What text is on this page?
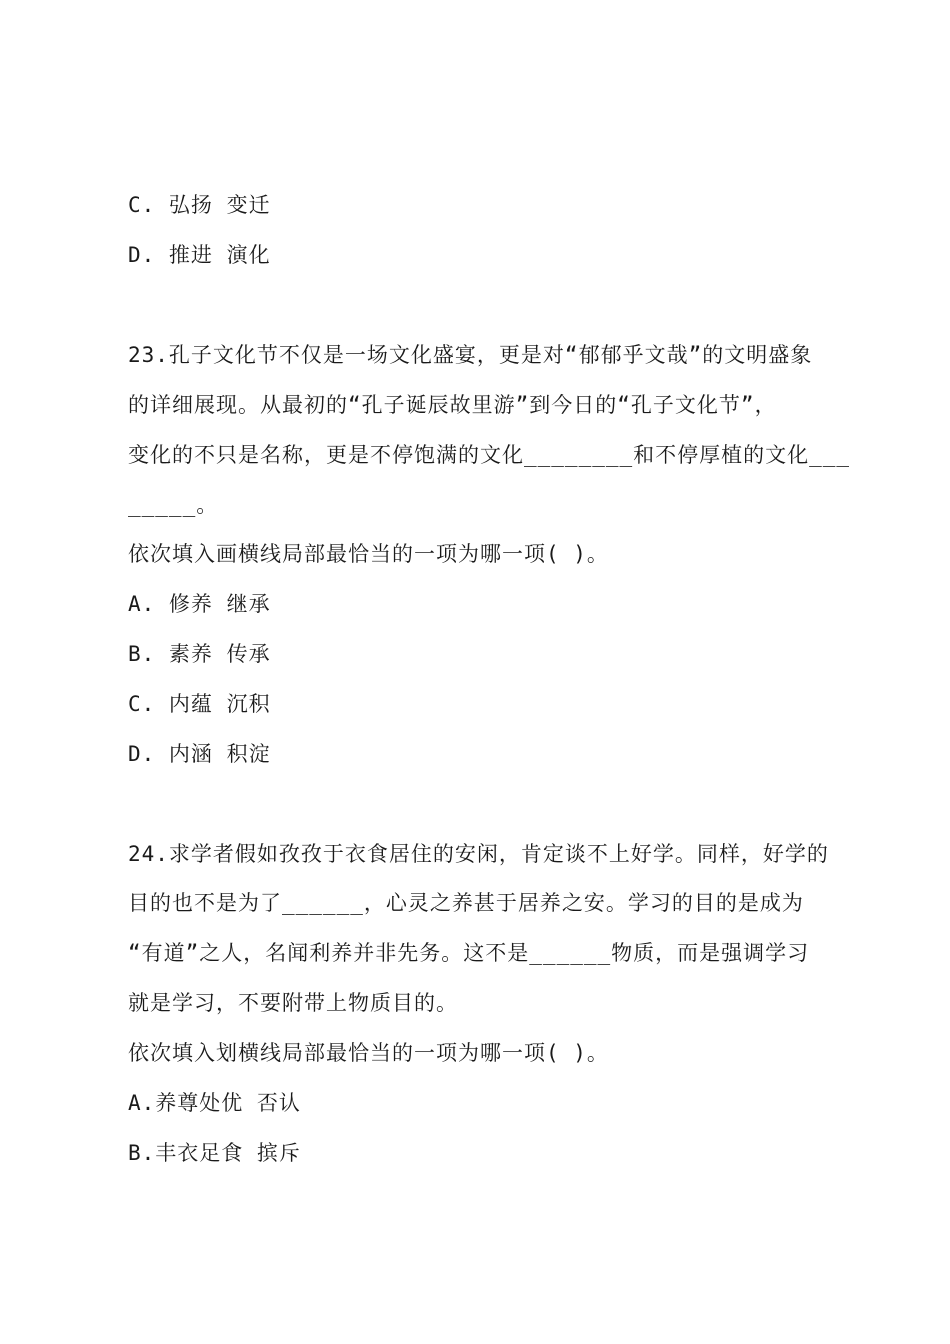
C. 弘扬 变迁
D. 推进 演化
23.孔子文化节不仅是一场文化盛宴，更是对“郁郁乎文哉”的文明盛象
的详细展现。从最初的“孔子诞辰故里游”到今日的“孔子文化节”，
变化的不只是名称，更是不停饱满的文化________和不停厚植的文化___
_____。
依次填入画横线局部最恰当的一项为哪一项( )。
A. 修养 继承
B. 素养 传承
C. 内蕴 沉积
D. 内涵 积淀
24.求学者假如孜孜于衣食居住的安闲，肯定谈不上好学。同样，好学的
目的也不是为了______，心灵之养甚于居养之安。学习的目的是成为
“有道”之人，名闻利养并非先务。这不是______物质，而是强调学习
就是学习，不要附带上物质目的。
依次填入划横线局部最恰当的一项为哪一项( )。
A.养尊处优 否认
B.丰衣足食 摈斥
